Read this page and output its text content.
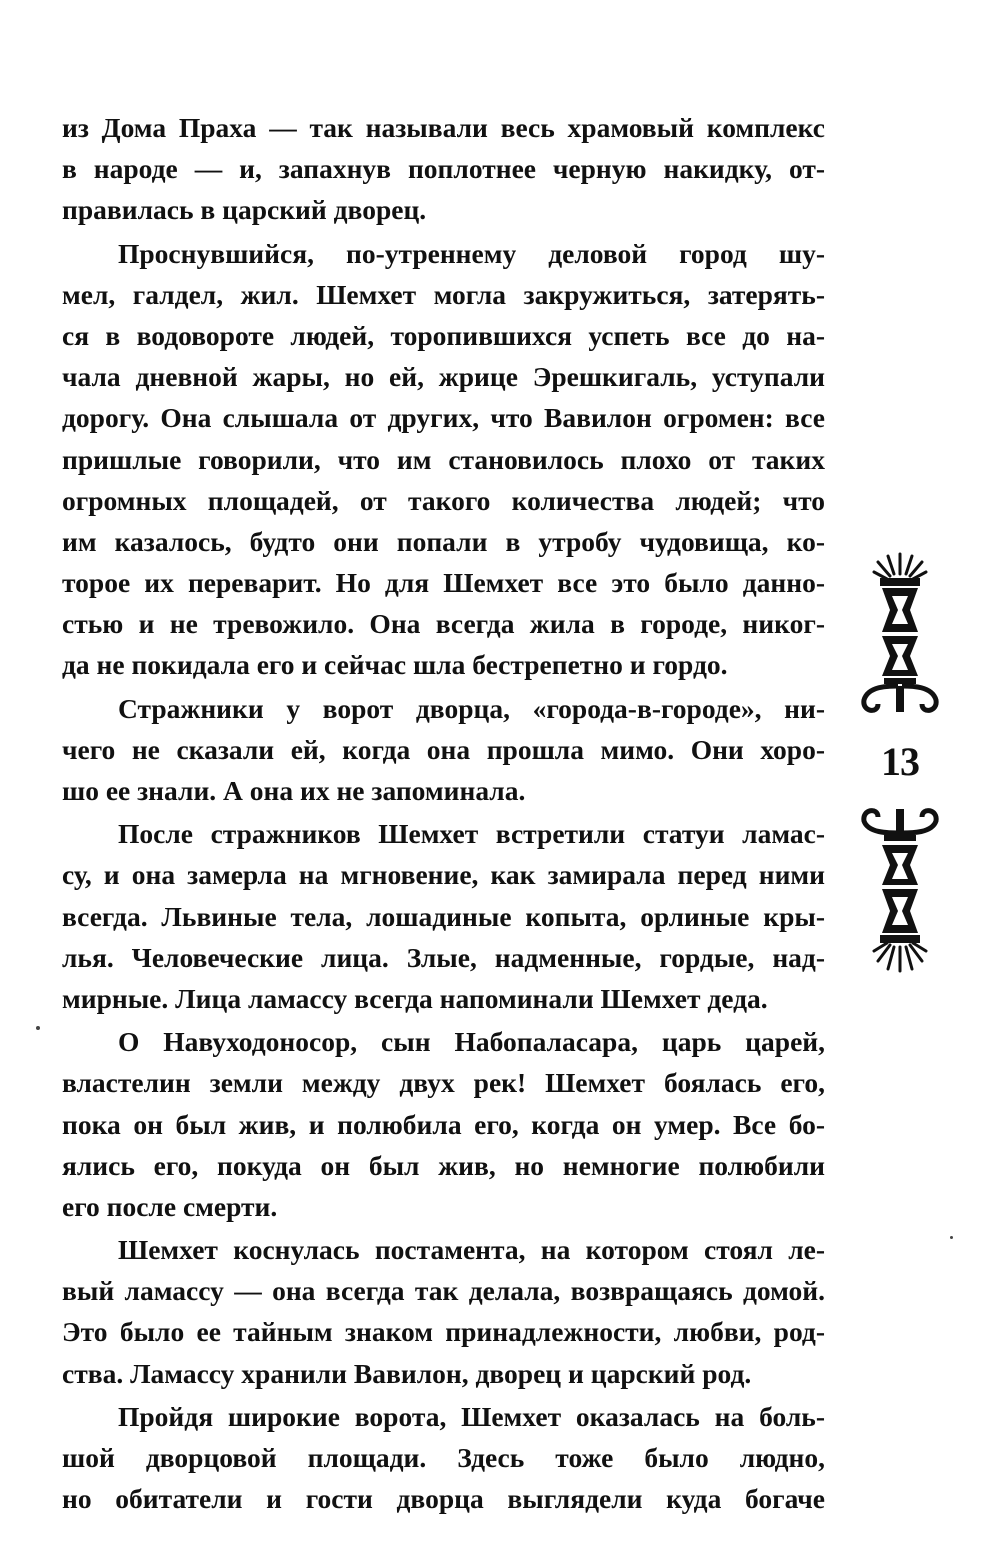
из Дома Праха — так называли весь храмовый комплекс
в народе — и, запахнув поплотнее черную накидку, от-
правилась в царский дворец.
Проснувшийся, по-утреннему деловой город шу-
мел, галдел, жил. Шемхет могла закружиться, затерять-
ся в водовороте людей, торопившихся успеть все до на-
чала дневной жары, но ей, жрице Эрешкигаль, уступали
дорогу. Она слышала от других, что Вавилон огромен: все
пришлые говорили, что им становилось плохо от таких
огромных площадей, от такого количества людей; что
им казалось, будто они попали в утробу чудовища, ко-
торое их переварит. Но для Шемхет все это было данно-
стью и не тревожило. Она всегда жила в городе, никог-
да не покидала его и сейчас шла бестрепетно и гордо.
Стражники у ворот дворца, «города-в-городе», ни-
чего не сказали ей, когда она прошла мимо. Они хоро-
шо ее знали. А она их не запоминала.
После стражников Шемхет встретили статуи ламас-
су, и она замерла на мгновение, как замирала перед ними
всегда. Львиные тела, лошадиные копыта, орлиные кры-
лья. Человеческие лица. Злые, надменные, гордые, над-
мирные. Лица ламассу всегда напоминали Шемхет деда.
О Навуходоносор, сын Набопаласара, царь царей,
властелин земли между двух рек! Шемхет боялась его,
пока он был жив, и полюбила его, когда он умер. Все бо-
ялись его, покуда он был жив, но немногие полюбили
его после смерти.
Шемхет коснулась постамента, на котором стоял ле-
вый ламассу — она всегда так делала, возвращаясь домой.
Это было ее тайным знаком принадлежности, любви, род-
ства. Ламассу хранили Вавилон, дворец и царский род.
Пройдя широкие ворота, Шемхет оказалась на боль-
шой дворцовой площади. Здесь тоже было людно,
но обитатели и гости дворца выглядели куда богаче
13
